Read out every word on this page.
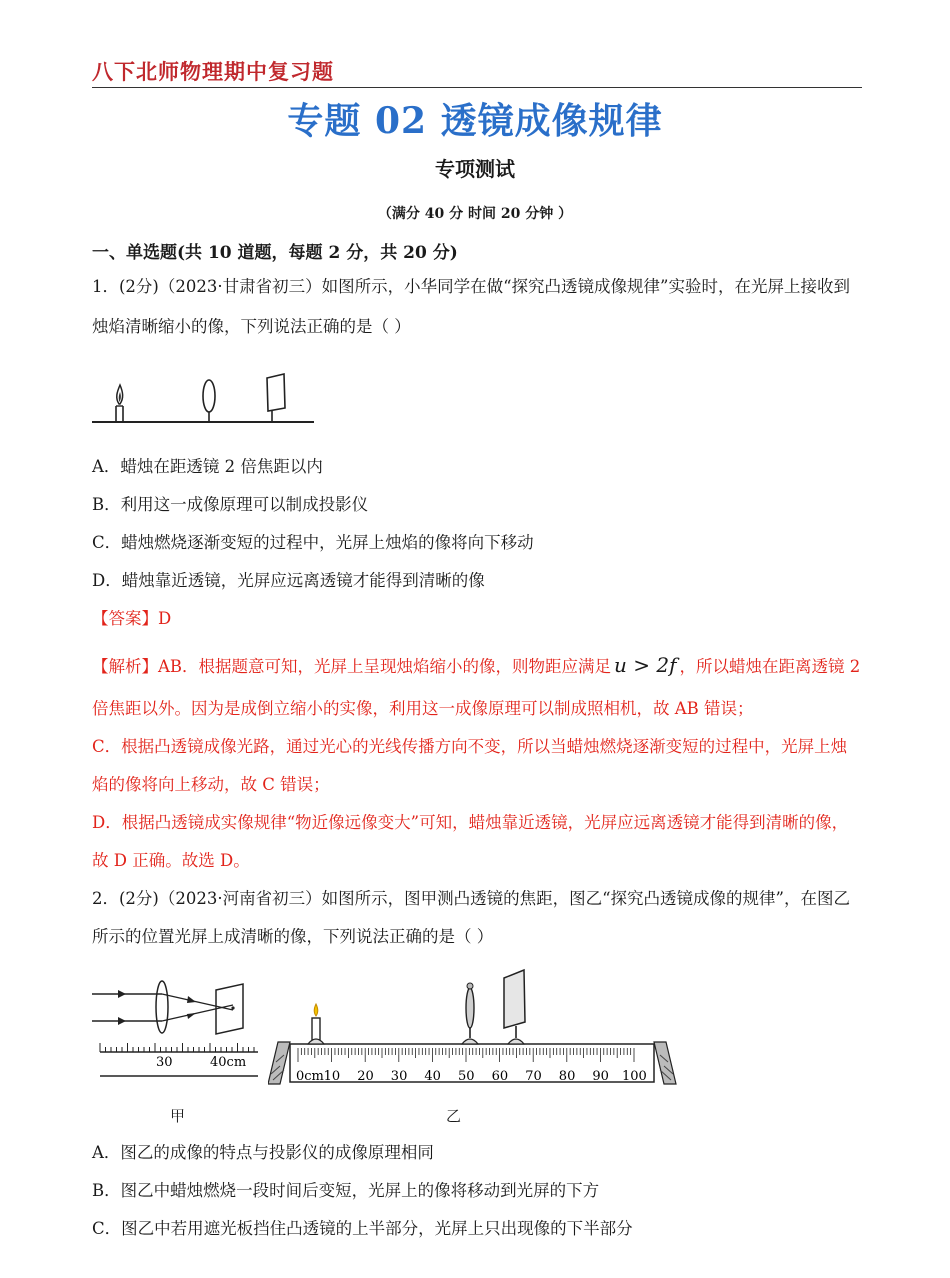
八下北师物理期中复习题
专题 02 透镜成像规律
专项测试
（满分 40 分 时间 20 分钟 ）
一、单选题(共 10 道题，每题 2 分，共 20 分)
1．(2分)（2023·甘肃省初三）如图所示，小华同学在做“探究凸透镜成像规律”实验时，在光屏上接收到
烛焰清晰缩小的像，下列说法正确的是（ ）
A．蜡烛在距透镜 2 倍焦距以内
B．利用这一成像原理可以制成投影仪
C．蜡烛燃烧逐渐变短的过程中，光屏上烛焰的像将向下移动
D．蜡烛靠近透镜，光屏应远离透镜才能得到清晰的像
【答案】D
【解析】AB．根据题意可知，光屏上呈现烛焰缩小的像，则物距应满足 u > 2f ，所以蜡烛在距离透镜 2
倍焦距以外。因为是成倒立缩小的实像，利用这一成像原理可以制成照相机，故 AB 错误；
C．根据凸透镜成像光路，通过光心的光线传播方向不变，所以当蜡烛燃烧逐渐变短的过程中，光屏上烛
焰的像将向上移动，故 C 错误；
D．根据凸透镜成实像规律“物近像远像变大”可知，蜡烛靠近透镜，光屏应远离透镜才能得到清晰的像，
故 D 正确。故选 D。
2．(2分)（2023·河南省初三）如图所示，图甲测凸透镜的焦距，图乙“探究凸透镜成像的规律”，在图乙
所示的位置光屏上成清晰的像，下列说法正确的是（ ）
30	40cm
甲
0cm 10 20 30 40 50 60 70 80 90 100
乙
A．图乙的成像的特点与投影仪的成像原理相同
B．图乙中蜡烛燃烧一段时间后变短，光屏上的像将移动到光屏的下方
C．图乙中若用遮光板挡住凸透镜的上半部分，光屏上只出现像的下半部分
